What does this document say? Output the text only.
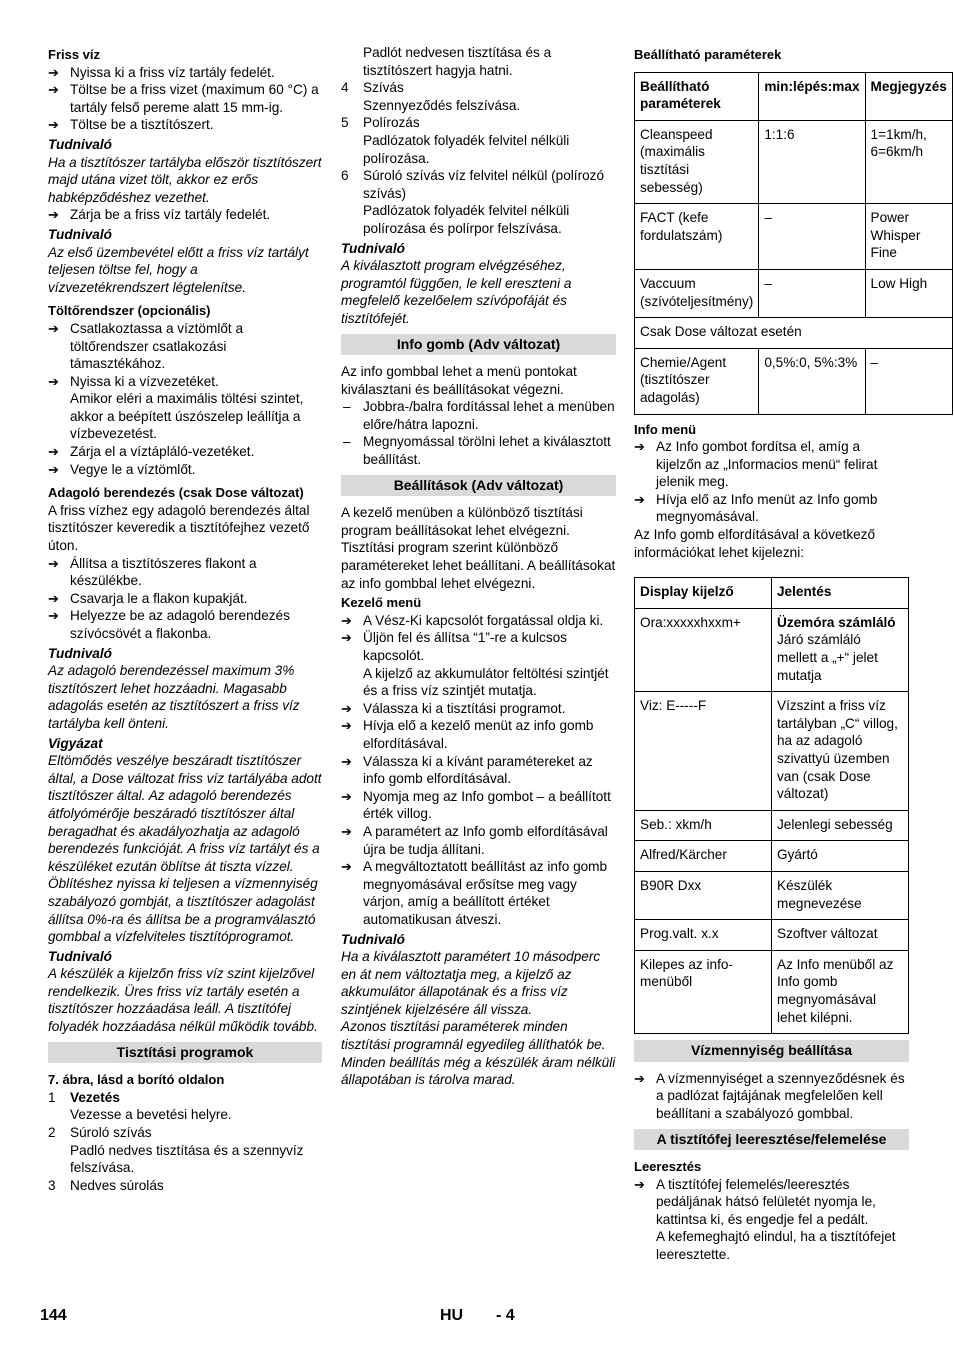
Friss víz
➔ Nyissa ki a friss víz tartály fedelét.
➔ Töltse be a friss vizet (maximum 60 °C) a tartály felső pereme alatt 15 mm-ig.
➔ Töltse be a tisztítószert.
Tudnivaló
Ha a tisztítószer tartályba először tisztítószert majd utána vizet tölt, akkor ez erős habképződéshez vezethet.
➔ Zárja be a friss víz tartály fedelét.
Tudnivaló
Az első üzembevétel előtt a friss víz tartályt teljesen töltse fel, hogy a vízvezetékrendszert légtelenítse.
Töltőrendszer (opcionális)
➔ Csatlakoztassa a víztömlőt a töltőrendszer csatlakozási támasztékához.
➔ Nyissa ki a vízvezetéket.
Amikor eléri a maximális töltési szintet, akkor a beépített úszószelep leállítja a vízbevezetést.
➔ Zárja el a víztápláló-vezetéket.
➔ Vegye le a víztömlőt.
Adagoló berendezés (csak Dose változat)
A friss vízhez egy adagoló berendezés által tisztítószer keveredik a tisztítófejhez vezető úton.
➔ Állítsa a tisztítószeres flakont a készülékbe.
➔ Csavarja le a flakon kupakját.
➔ Helyezze be az adagoló berendezés szívócsövét a flakonba.
Tudnivaló
Az adagoló berendezéssel maximum 3% tisztítószert lehet hozzáadni. Magasabb adagolás esetén az tisztítószert a friss víz tartályba kell önteni.
Vigyázat
Eltömődés veszélye beszáradt tisztítószer által, a Dose változat friss víz tartályába adott tisztítószer által. Az adagoló berendezés átfolyómérője beszáradó tisztítószer által beragadhat és akadályozhatja az adagoló berendezés funkcióját. A friss víz tartályt és a készüléket ezután öblítse át tiszta vízzel. Öblítéshez nyissa ki teljesen a vízmennyiség szabályozó gombját, a tisztítószer adagolást állítsa 0%-ra és állítsa be a programválasztó gombbal a vízfelviteles tisztítóprogramot.
Tudnivaló
A készülék a kijelzőn friss víz szint kijelzővel rendelkezik. Üres friss víz tartály esetén a tisztítószer hozzáadása leáll. A tisztítófej folyadék hozzáadása nélkül működik tovább.
Tisztítási programok
7. ábra, lásd a borító oldalon
1 Vezetés
Vezesse a bevetési helyre.
2 Súroló szívás
Padló nedves tisztítása és a szennyvíz felszívása.
3 Nedves súrolás
Padlót nedvesen tisztítása és a tisztítószert hagyja hatni.
4 Szívás
Szennyeződés felszívása.
5 Polírozás
Padlózatok folyadék felvitel nélküli polírozása.
6 Súroló szívás víz felvitel nélkül (polírozó szívás)
Padlózatok folyadék felvitel nélküli polírozása és polírpor felszívása.
Tudnivaló
A kiválasztott program elvégzéséhez, programtól függően, le kell ereszteni a megfelelő kezelőelem szívópofáját és tisztítófejét.
Info gomb (Adv változat)
Az info gombbal lehet a menü pontokat kiválasztani és beállításokat végezni.
– Jobbra-/balra fordítással lehet a menüben előre/hátra lapozni.
– Megnyomással törölni lehet a kiválasztott beállítást.
Beállítások (Adv változat)
A kezelő menüben a különböző tisztítási program beállításokat lehet elvégezni. Tisztítási program szerint különböző paramétereket lehet beállítani. A beállításokat az info gombbal lehet elvégezni.
Kezelő menü
➔ A Vész-Ki kapcsolót forgatással oldja ki.
➔ Üljön fel és állítsa “1”-re a kulcsos kapcsolót.
A kijelző az akkumulátor feltöltési szintjét és a friss víz szintjét mutatja.
➔ Válassza ki a tisztítási programot.
➔ Hívja elő a kezelő menüt az info gomb elfordításával.
➔ Válassza ki a kívánt paramétereket az info gomb elfordításával.
➔ Nyomja meg az Info gombot – a beállított érték villog.
➔ A paramétert az Info gomb elfordításával újra be tudja állítani.
➔ A megváltoztatott beállítást az info gomb megnyomásával erősítse meg vagy várjon, amíg a beállított értéket automatikusan átveszi.
Tudnivaló
Ha a kiválasztott paramétert 10 másodperc en át nem változtatja meg, a kijelző az akkumulátor állapotának és a friss víz szintjének kijelzésére áll vissza.
Azonos tisztítási paraméterek minden tisztítási programnál egyedileg állíthatók be. Minden beállítás még a készülék áram nélküli állapotában is tárolva marad.
Beállítható paraméterek
Beállítható paraméterek	min:lépés:max	Megjegyzés
Cleanspeed (maximális tisztítási sebesség)	1:1:6	1=1km/h, 6=6km/h
FACT (kefe fordulatszám)	–	Power Whisper Fine
Vaccuum (szívóteljesítmény)	–	Low High
Csak Dose változat esetén		
Chemie/Agent (tisztítószer adagolás)	0,5%:0, 5%:3%	–
Info menü
➔ Az Info gombot fordítsa el, amíg a kijelzőn az „Informacios menü“ felirat jelenik meg.
➔ Hívja elő az Info menüt az Info gomb megnyomásával.
Az Info gomb elfordításával a következő információkat lehet kijelezni:
Display kijelző	Jelentés
Ora:xxxxxhxxm+	Üzemóra számláló
Járó számláló mellett a „+“ jelet mutatja

Viz: E-----F	Vízszint a friss víz tartályban „C“ villog, ha az adagoló szivattyú üzemben van (csak Dose változat)
Seb.: xkm/h	Jelenlegi sebesség
Alfred/Kärcher	Gyártó
B90R Dxx	Készülék megnevezése
Prog.valt. x.x	Szoftver változat
Kilepes az info-menüből	Az Info menüből az Info gomb megnyomásával lehet kilépni.
Vízmennyiség beállítása
➔ A vízmennyiséget a szennyeződésnek és a padlózat fajtájának megfelelően kell beállítani a szabályozó gombbal.
A tisztítófej leeresztése/felemelése
Leeresztés
➔ A tisztítófej felemelés/leeresztés pedáljának hátsó felületét nyomja le, kattintsa ki, és engedje fel a pedált.
A kefemeghajtó elindul, ha a tisztítófejet leeresztette.
144	HU - 4
